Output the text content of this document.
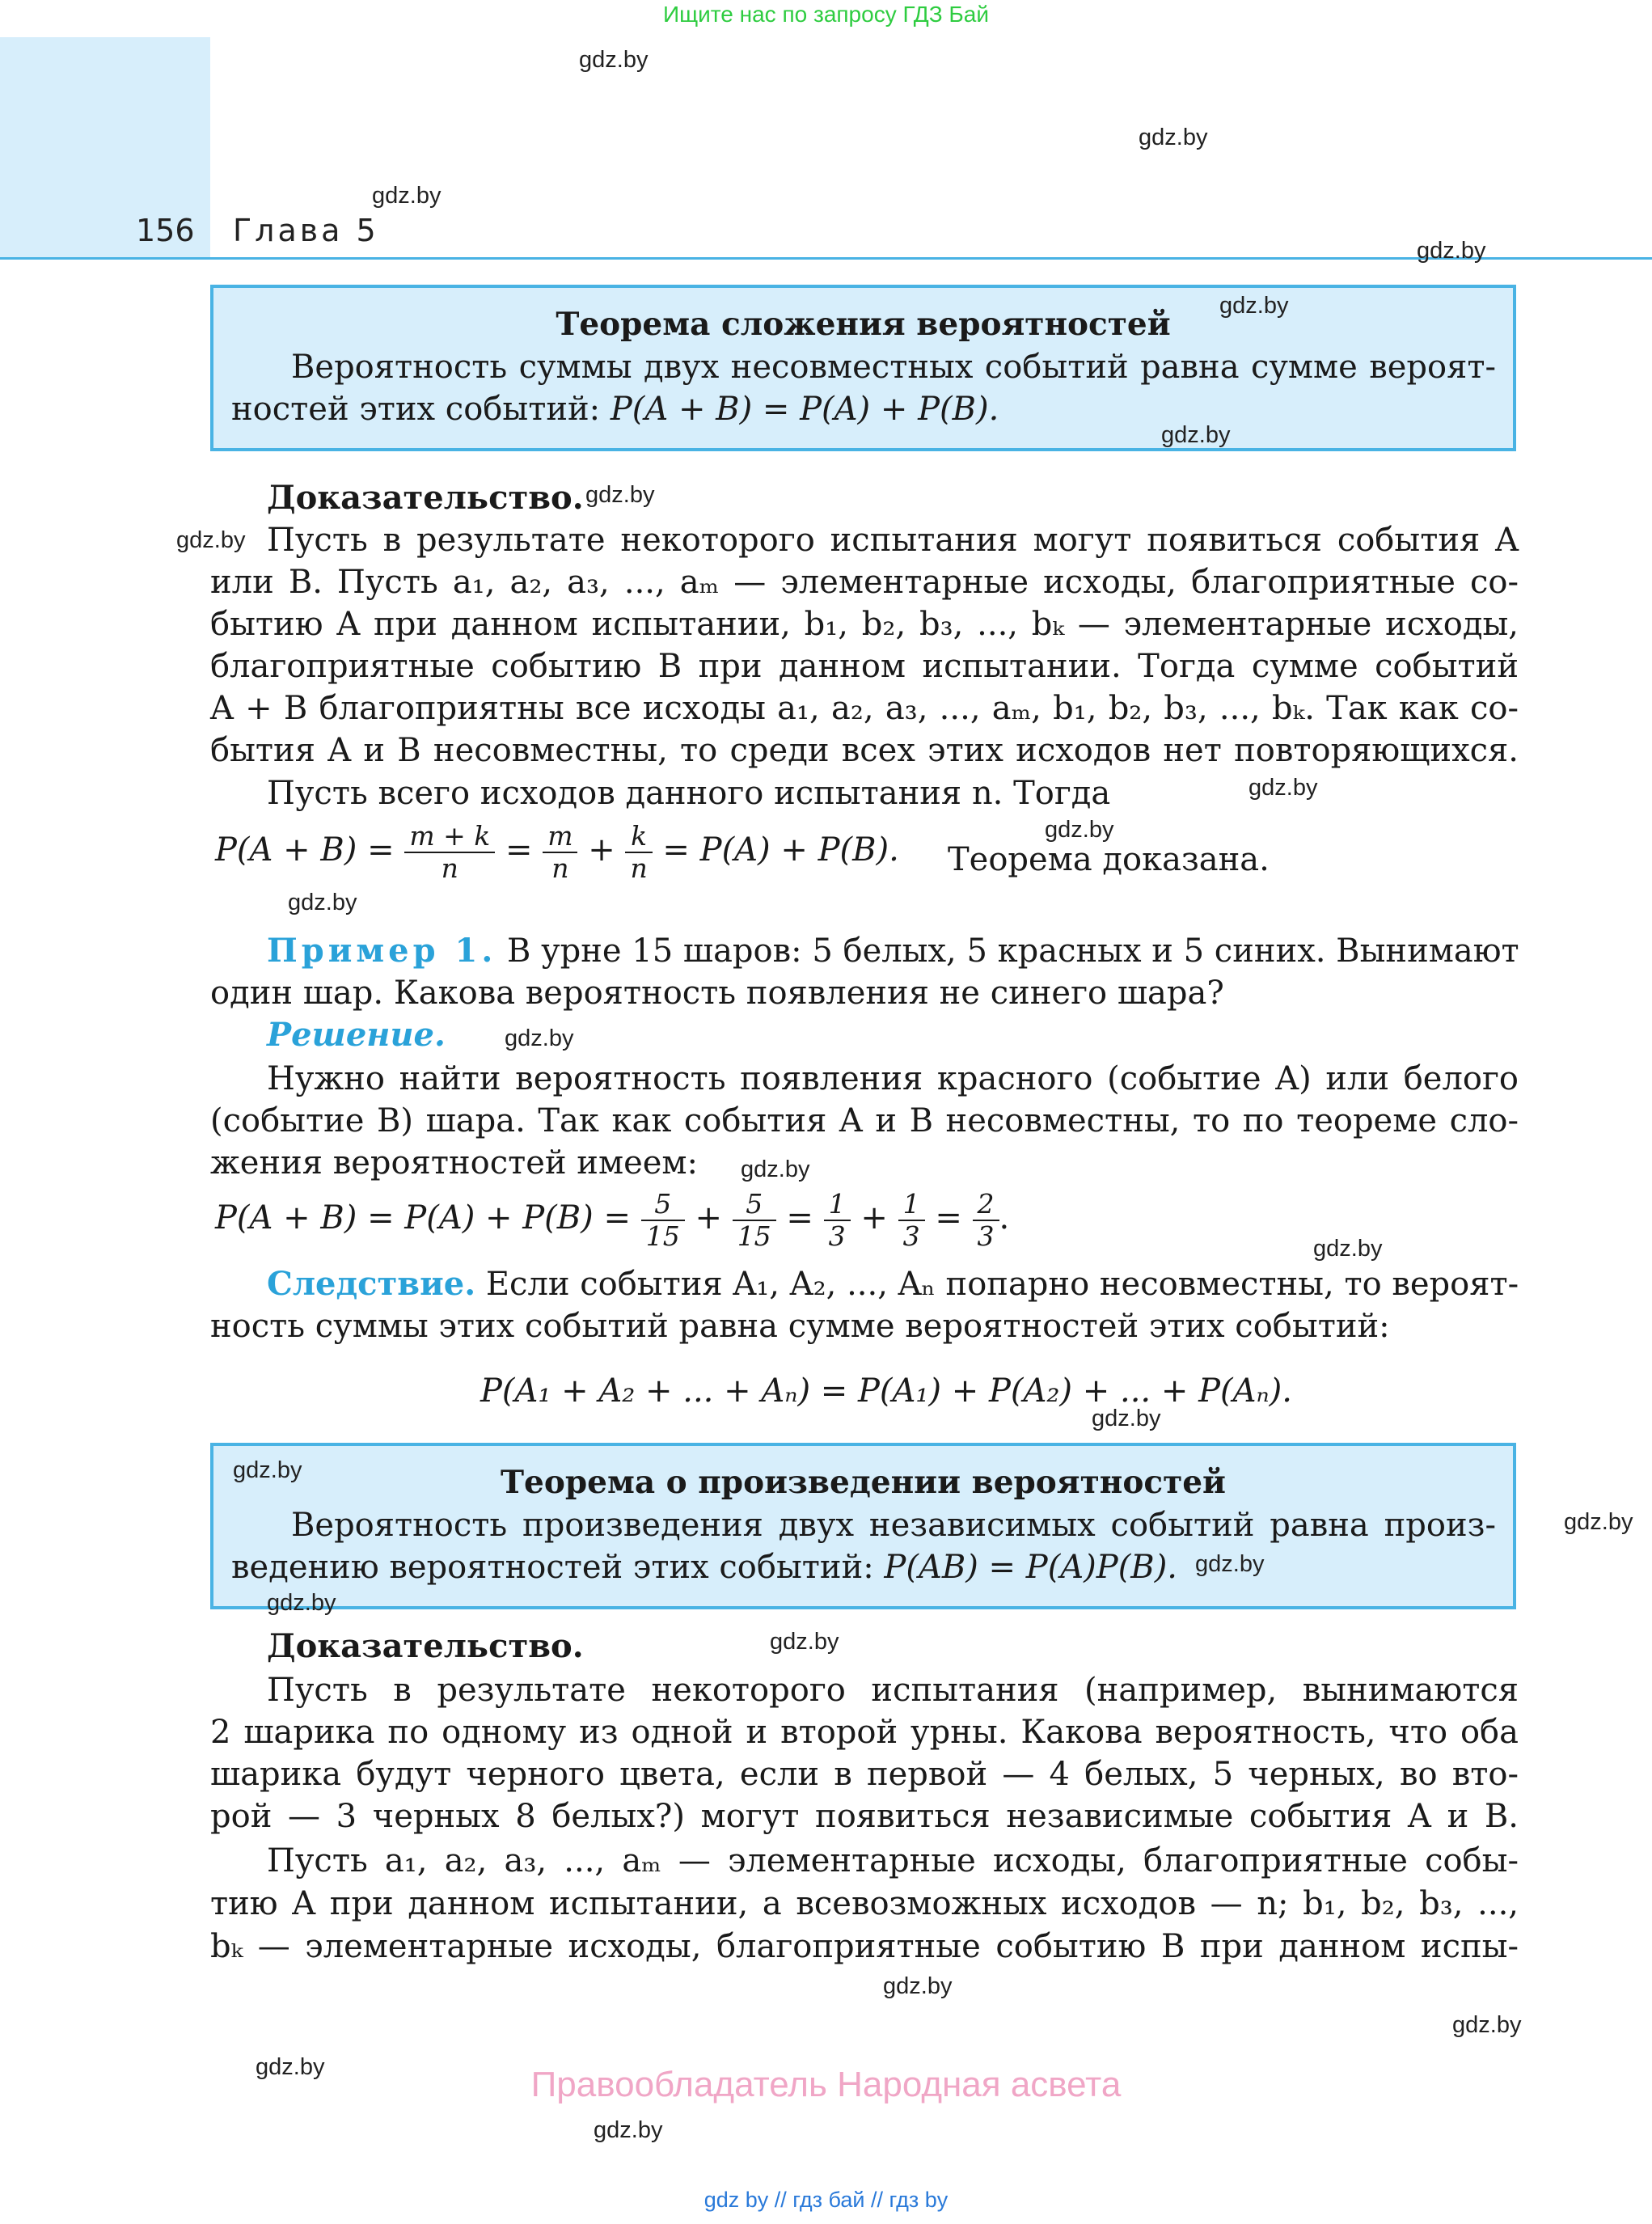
Ищите нас по запросу ГДЗ Бай
156 Глава 5
gdz.by
gdz.by
gdz.by
gdz.by
Теорема сложения вероятностей
Вероятность суммы двух несовместных событий равна сумме вероят-
ностей этих событий: P(A + B) = P(A) + P(B).
gdz.by
gdz.by
Доказательство. gdz.by
gdz.by Пусть в результате некоторого испытания могут появиться события A
или B. Пусть a₁, a₂, a₃, ..., aₘ — элементарные исходы, благоприятные со-
бытию A при данном испытании, b₁, b₂, b₃, ..., bₖ — элементарные исходы,
благоприятные событию B при данном испытании. Тогда сумме событий
A + B благоприятны все исходы a₁, a₂, a₃, ..., aₘ, b₁, b₂, b₃, ..., bₖ. Так как со-
бытия A и B несовместны, то среди всех этих исходов нет повторяющихся.
Пусть всего исходов данного испытания n. Тогда	gdz.by
gdz.by
$P(A + B) = \frac{m + k}{n} = \frac{m}{n} + \frac{k}{n} = P(A) + P(B)$. Теорема доказана.
gdz.by
Пример 1. В урне 15 шаров: 5 белых, 5 красных и 5 синих. Вынимают
один шар. Какова вероятность появления не синего шара?
Решение.	gdz.by
Нужно найти вероятность появления красного (событие A) или белого
(событие B) шара. Так как события A и B несовместны, то по теореме сло-
жения вероятностей имеем: gdz.by
$P(A + B) = P(A) + P(B) = \frac{5}{15} + \frac{5}{15} = \frac{1}{3} + \frac{1}{3} = \frac{2}{3}$ .
gdz.by
Следствие. Если события A₁, A₂, ..., Aₙ попарно несовместны, то вероят-
ность суммы этих событий равна сумме вероятностей этих событий:
P(A₁ + A₂ + ... + Aₙ) = P(A₁) + P(A₂) + ... + P(Aₙ).
gdz.by
Теорема о произведении вероятностей
Вероятность произведения двух независимых событий равна произ-
ведению вероятностей этих событий: P(AB) = P(A)P(B).
gdz.by
gdz.by
gdz.by
gdz.by
Доказательство.	gdz.by
Пусть в результате некоторого испытания (например, вынимаются
2 шарика по одному из одной и второй урны. Какова вероятность, что оба
шарика будут черного цвета, если в первой — 4 белых, 5 черных, во вто-
рой — 3 черных 8 белых?) могут появиться независимые события A и B.
Пусть a₁, a₂, a₃, ..., aₘ — элементарные исходы, благоприятные собы-
тию A при данном испытании, а всевозможных исходов — n; b₁, b₂, b₃, ...,
bₖ — элементарные исходы, благоприятные событию B при данном испы-
gdz.by
gdz.by
gdz.by	Правообладатель Народная асвета
gdz.by
gdz by // гдз бай // гдз by
